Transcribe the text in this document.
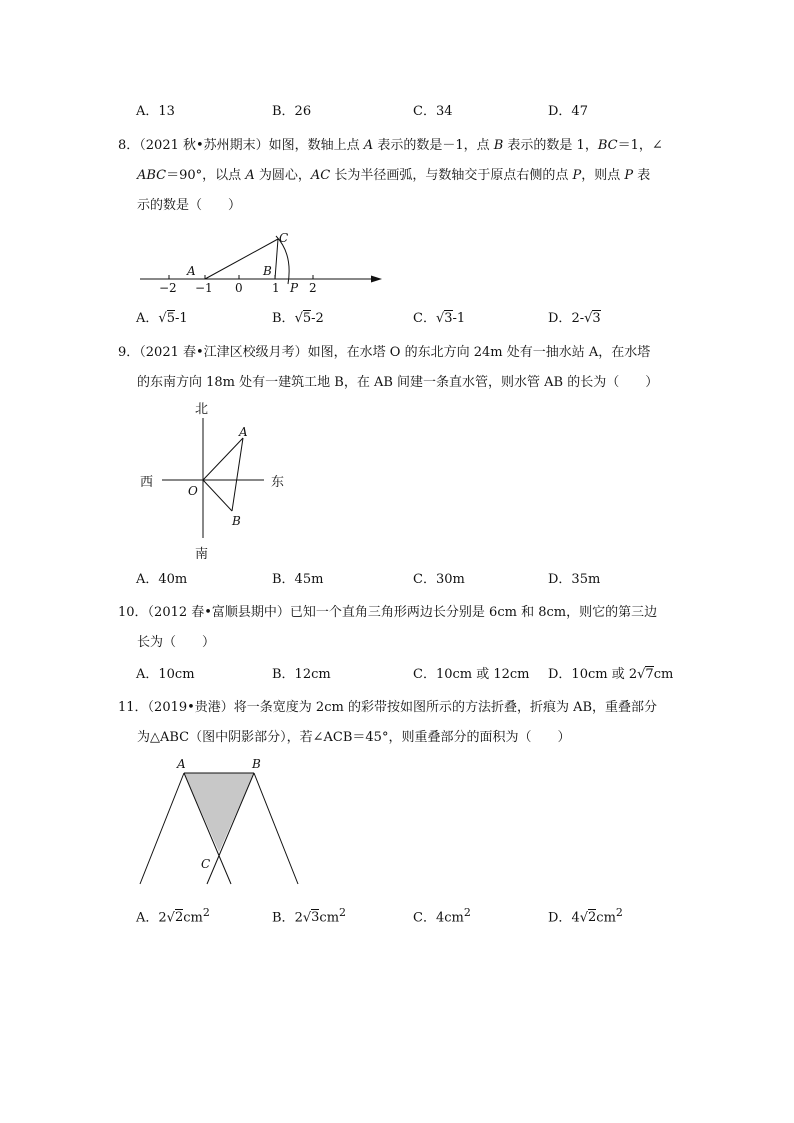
A．13	B．26	C．34	D．47
8．（2021 秋•苏州期末）如图，数轴上点 A 表示的数是－1，点 B 表示的数是 1，BC＝1，∠
ABC＝90°，以点 A 为圆心，AC 长为半径画弧，与数轴交于原点右侧的点 P，则点 P 表
示的数是（　　）
C
A	B
P
−2 −1 0 1 2
A．√5-1	B．√5-2	C．√3-1	D．2-√3
9．（2021 春•江津区校级月考）如图，在水塔 O 的东北方向 24m 处有一抽水站 A，在水塔
的东南方向 18m 处有一建筑工地 B，在 AB 间建一条直水管，则水管 AB 的长为（　　）
北
南
西	东
O
A
B
A．40m	B．45m	C．30m	D．35m
10．（2012 春•富顺县期中）已知一个直角三角形两边长分别是 6cm 和 8cm，则它的第三边
长为（　　）
A．10cm	B．12cm	C．10cm 或 12cm D．10cm 或 2√7cm
11．（2019•贵港）将一条宽度为 2cm 的彩带按如图所示的方法折叠，折痕为 AB，重叠部分
为△ABC（图中阴影部分），若∠ACB＝45°，则重叠部分的面积为（　　）
A	B
C
A．$2√2cm^2$	B．$2√3cm^2$	C．$4cm^2$	D．$4√2cm^2$
